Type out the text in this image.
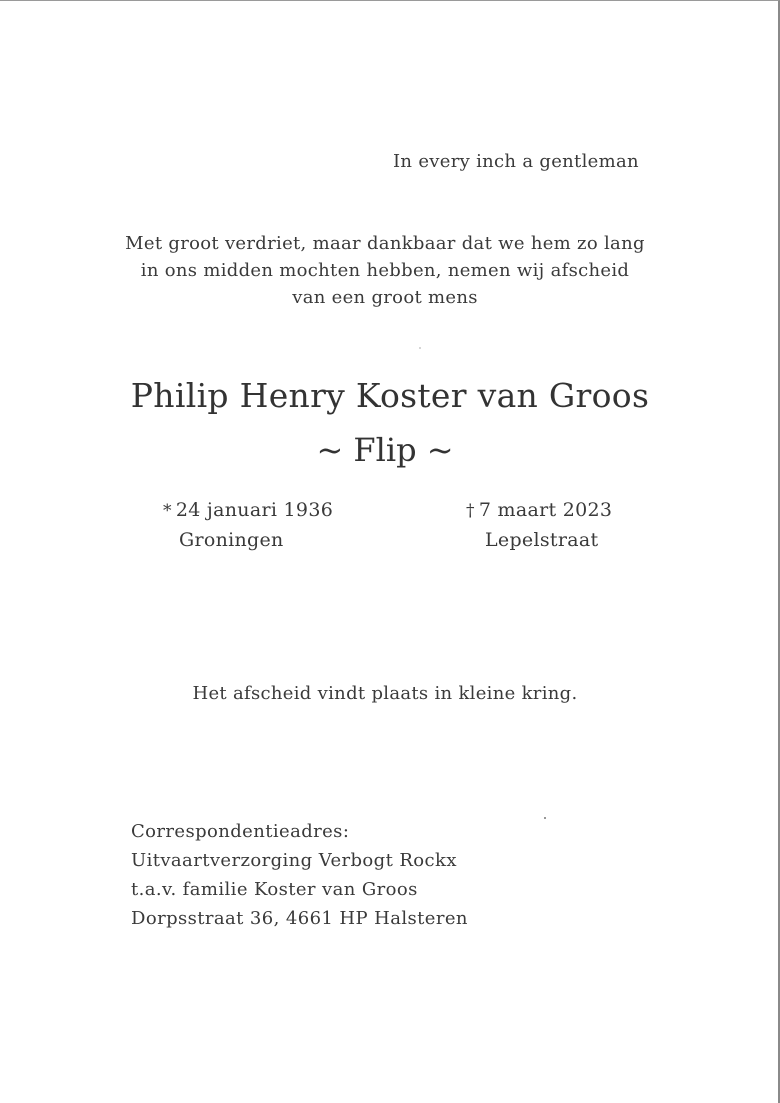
In every inch a gentleman
Met groot verdriet, maar dankbaar dat we hem zo lang
in ons midden mochten hebben, nemen wij afscheid
van een groot mens
Philip Henry Koster van Groos
~ Flip ~
* 24 januari 1936
Groningen
† 7 maart 2023
Lepelstraat
Het afscheid vindt plaats in kleine kring.
Correspondentieadres:
Uitvaartverzorging Verbogt Rockx
t.a.v. familie Koster van Groos
Dorpsstraat 36, 4661 HP Halsteren
